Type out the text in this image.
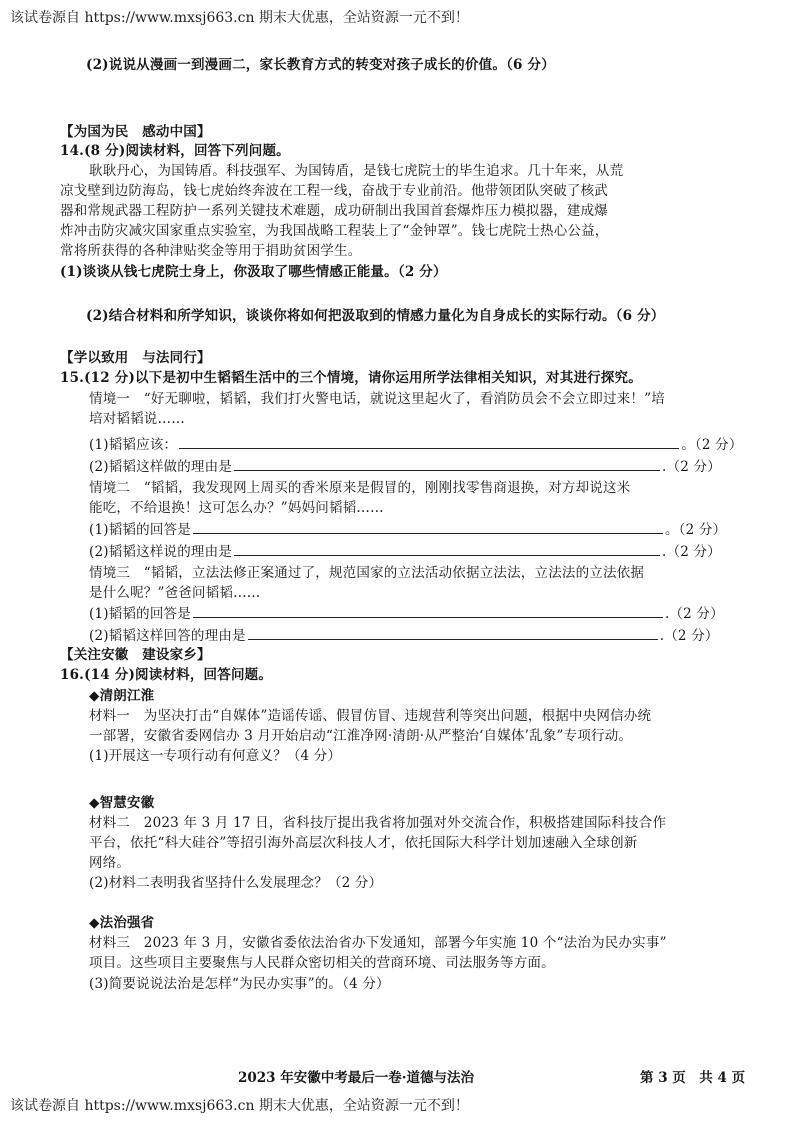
该试卷源自 https://www.mxsj663.cn 期末大优惠，全站资源一元不到！
(2)说说从漫画一到漫画二，家长教育方式的转变对孩子成长的价值。（6 分）
【为国为民　感动中国】
14.(8 分)阅读材料，回答下列问题。
耿耿丹心，为国铸盾。科技强军、为国铸盾，是钱七虎院士的毕生追求。几十年来，从荒
凉戈壁到边防海岛，钱七虎始终奔波在工程一线，奋战于专业前沿。他带领团队突破了核武
器和常规武器工程防护一系列关键技术难题，成功研制出我国首套爆炸压力模拟器，建成爆
炸冲击防灾减灾国家重点实验室，为我国战略工程装上了“金钟罩”。钱七虎院士热心公益，
常将所获得的各种津贴奖金等用于捐助贫困学生。
(1)谈谈从钱七虎院士身上，你汲取了哪些情感正能量。（2 分）
(2)结合材料和所学知识，谈谈你将如何把汲取到的情感力量化为自身成长的实际行动。（6 分）
【学以致用　与法同行】
15.(12 分)以下是初中生韬韬生活中的三个情境，请你运用所学法律相关知识，对其进行探究。
情境一　“好无聊啦，韬韬，我们打火警电话，就说这里起火了，看消防员会不会立即过来！”培
培对韬韬说……
(1)韬韬应该：	。（2 分）
(2)韬韬这样做的理由是	.（2 分）
情境二　“韬韬，我发现网上周买的香米原来是假冒的，刚刚找零售商退换，对方却说这米
能吃，不给退换！这可怎么办？”妈妈问韬韬……
(1)韬韬的回答是	。（2 分）
(2)韬韬这样说的理由是	.（2 分）
情境三　“韬韬，立法法修正案通过了，规范国家的立法活动依据立法法，立法法的立法依据
是什么呢？”爸爸问韬韬……
(1)韬韬的回答是	.（2 分）
(2)韬韬这样回答的理由是	.（2 分）
【关注安徽　建设家乡】
16.(14 分)阅读材料，回答问题。
◆清朗江淮
材料一　为坚决打击“自媒体”造谣传谣、假冒仿冒、违规营利等突出问题，根据中央网信办统
一部署，安徽省委网信办 3 月开始启动“江淮净网·清朗·从严整治‘自媒体’乱象”专项行动。
(1)开展这一专项行动有何意义？（4 分）
◆智慧安徽
材料二　2023 年 3 月 17 日，省科技厅提出我省将加强对外交流合作，积极搭建国际科技合作
平台，依托“科大硅谷”等招引海外高层次科技人才，依托国际大科学计划加速融入全球创新
网络。
(2)材料二表明我省坚持什么发展理念？（2 分）
◆法治强省
材料三　2023 年 3 月，安徽省委依法治省办下发通知，部署今年实施 10 个“法治为民办实事”
项目。这些项目主要聚焦与人民群众密切相关的营商环境、司法服务等方面。
(3)简要说说法治是怎样“为民办实事”的。（4 分）
2023 年安徽中考最后一卷·道德与法治	第 3 页　共 4 页
该试卷源自 https://www.mxsj663.cn 期末大优惠，全站资源一元不到！
